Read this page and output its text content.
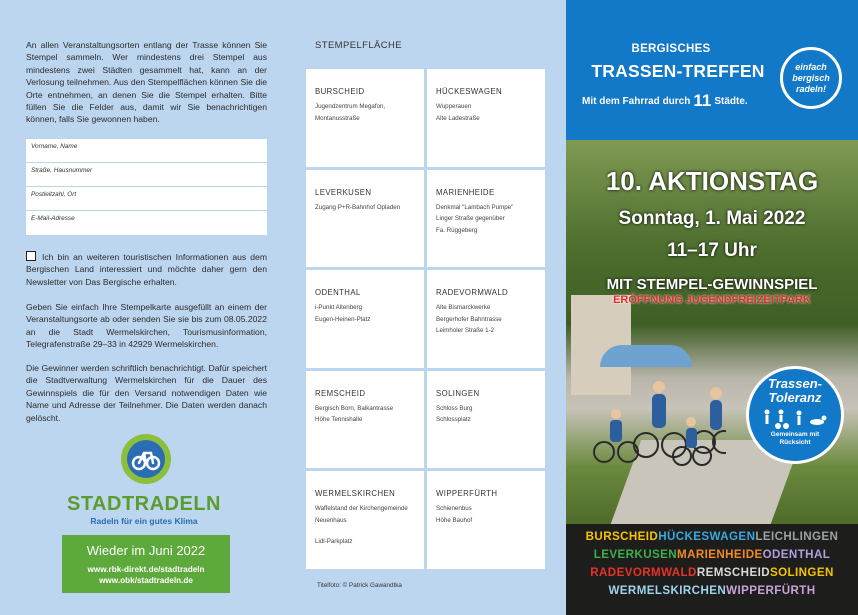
An allen Veranstaltungsorten entlang der Trasse können Sie Stempel sammeln. Wer mindestens drei Stempel aus mindestens zwei Städten gesammelt hat, kann an der Verlosung teilnehmen. Aus den Stempelflächen können Sie die Orte entnehmen, an denen Sie die Stempel erhalten. Bitte füllen Sie die Felder aus, damit wir Sie benachrichtigen können, falls Sie gewonnen haben.

Vorname, Name
Straße, Hausnummer
Postleitzahl, Ort
E-Mail-Adresse

Ich bin an weiteren touristischen Informationen aus dem Bergischen Land interessiert und möchte daher gern den Newsletter von Das Bergische erhalten.

Geben Sie einfach Ihre Stempelkarte ausgefüllt an einem der Veranstaltungsorte ab oder senden Sie sie bis zum 08.05.2022 an die Stadt Wermelskirchen, Tourismusinformation, Telegrafenstraße 29–33 in 42929 Wermelskirchen.

Die Gewinner werden schriftlich benachrichtigt. Dafür speichert die Stadtverwaltung Wermelskirchen für die Dauer des Gewinnspiels die für den Versand notwendigen Daten wie Name und Adresse der Teilnehmer. Die Daten werden danach gelöscht.

STADTRADELN
Radeln für ein gutes Klima
Wieder im Juni 2022
www.rbk-direkt.de/stadtradeln
www.obk/stadtradeln.de
STEMPELFLÄCHE
BURSCHEID
Jugendzentrum Megafon,
Montanusstraße
HÜCKESWAGEN
Wupperauen
Alte Ladestraße
LEVERKUSEN
Zugang P+R-Bahnhof Opladen
MARIENHEIDE
Denkmal "Lambach Pumpe"
Linger Straße gegenüber
Fa. Rüggeberg
ODENTHAL
i-Punkt Altenberg
Eugen-Heinen-Platz
RADEVORMWALD
Alte Bismarckwerke
Bergerhofer Bahntrasse
Leimholer Straße 1-2
REMSCHEID
Bergisch Born, Balkantrasse
Höhe Tennishalle
SOLINGEN
Schloss Burg
Schlossplatz
WERMELSKIRCHEN
Waffelstand der Kirchengemeinde
Neuenhaus
Lidl-Parkplatz
WIPPERFÜRTH
Schienenbus
Höhe Bauhof
Titelfoto: © Patrick Gawandtka
BERGISCHES
TRASSEN-TREFFEN
Mit dem Fahrrad durch 11 Städte.
einfach
bergisch
radeln!
10. AKTIONSTAG
Sonntag, 1. Mai 2022
11–17 Uhr
MIT STEMPEL-GEWINNSPIEL
ERÖFFNUNG JUGENDFREIZEITPARK
Trassen-
Toleranz
Gemeinsam mit
Rücksicht
BURSCHEIDHÜCKESWAGENLEICHLINGEN
LEVERKUSENMARIENHEIDEODENTHAL
RADEVORMWALDREMSCHEIDSOLINGEN
WERMELSKIRCHENWIPPERFÜRTH
